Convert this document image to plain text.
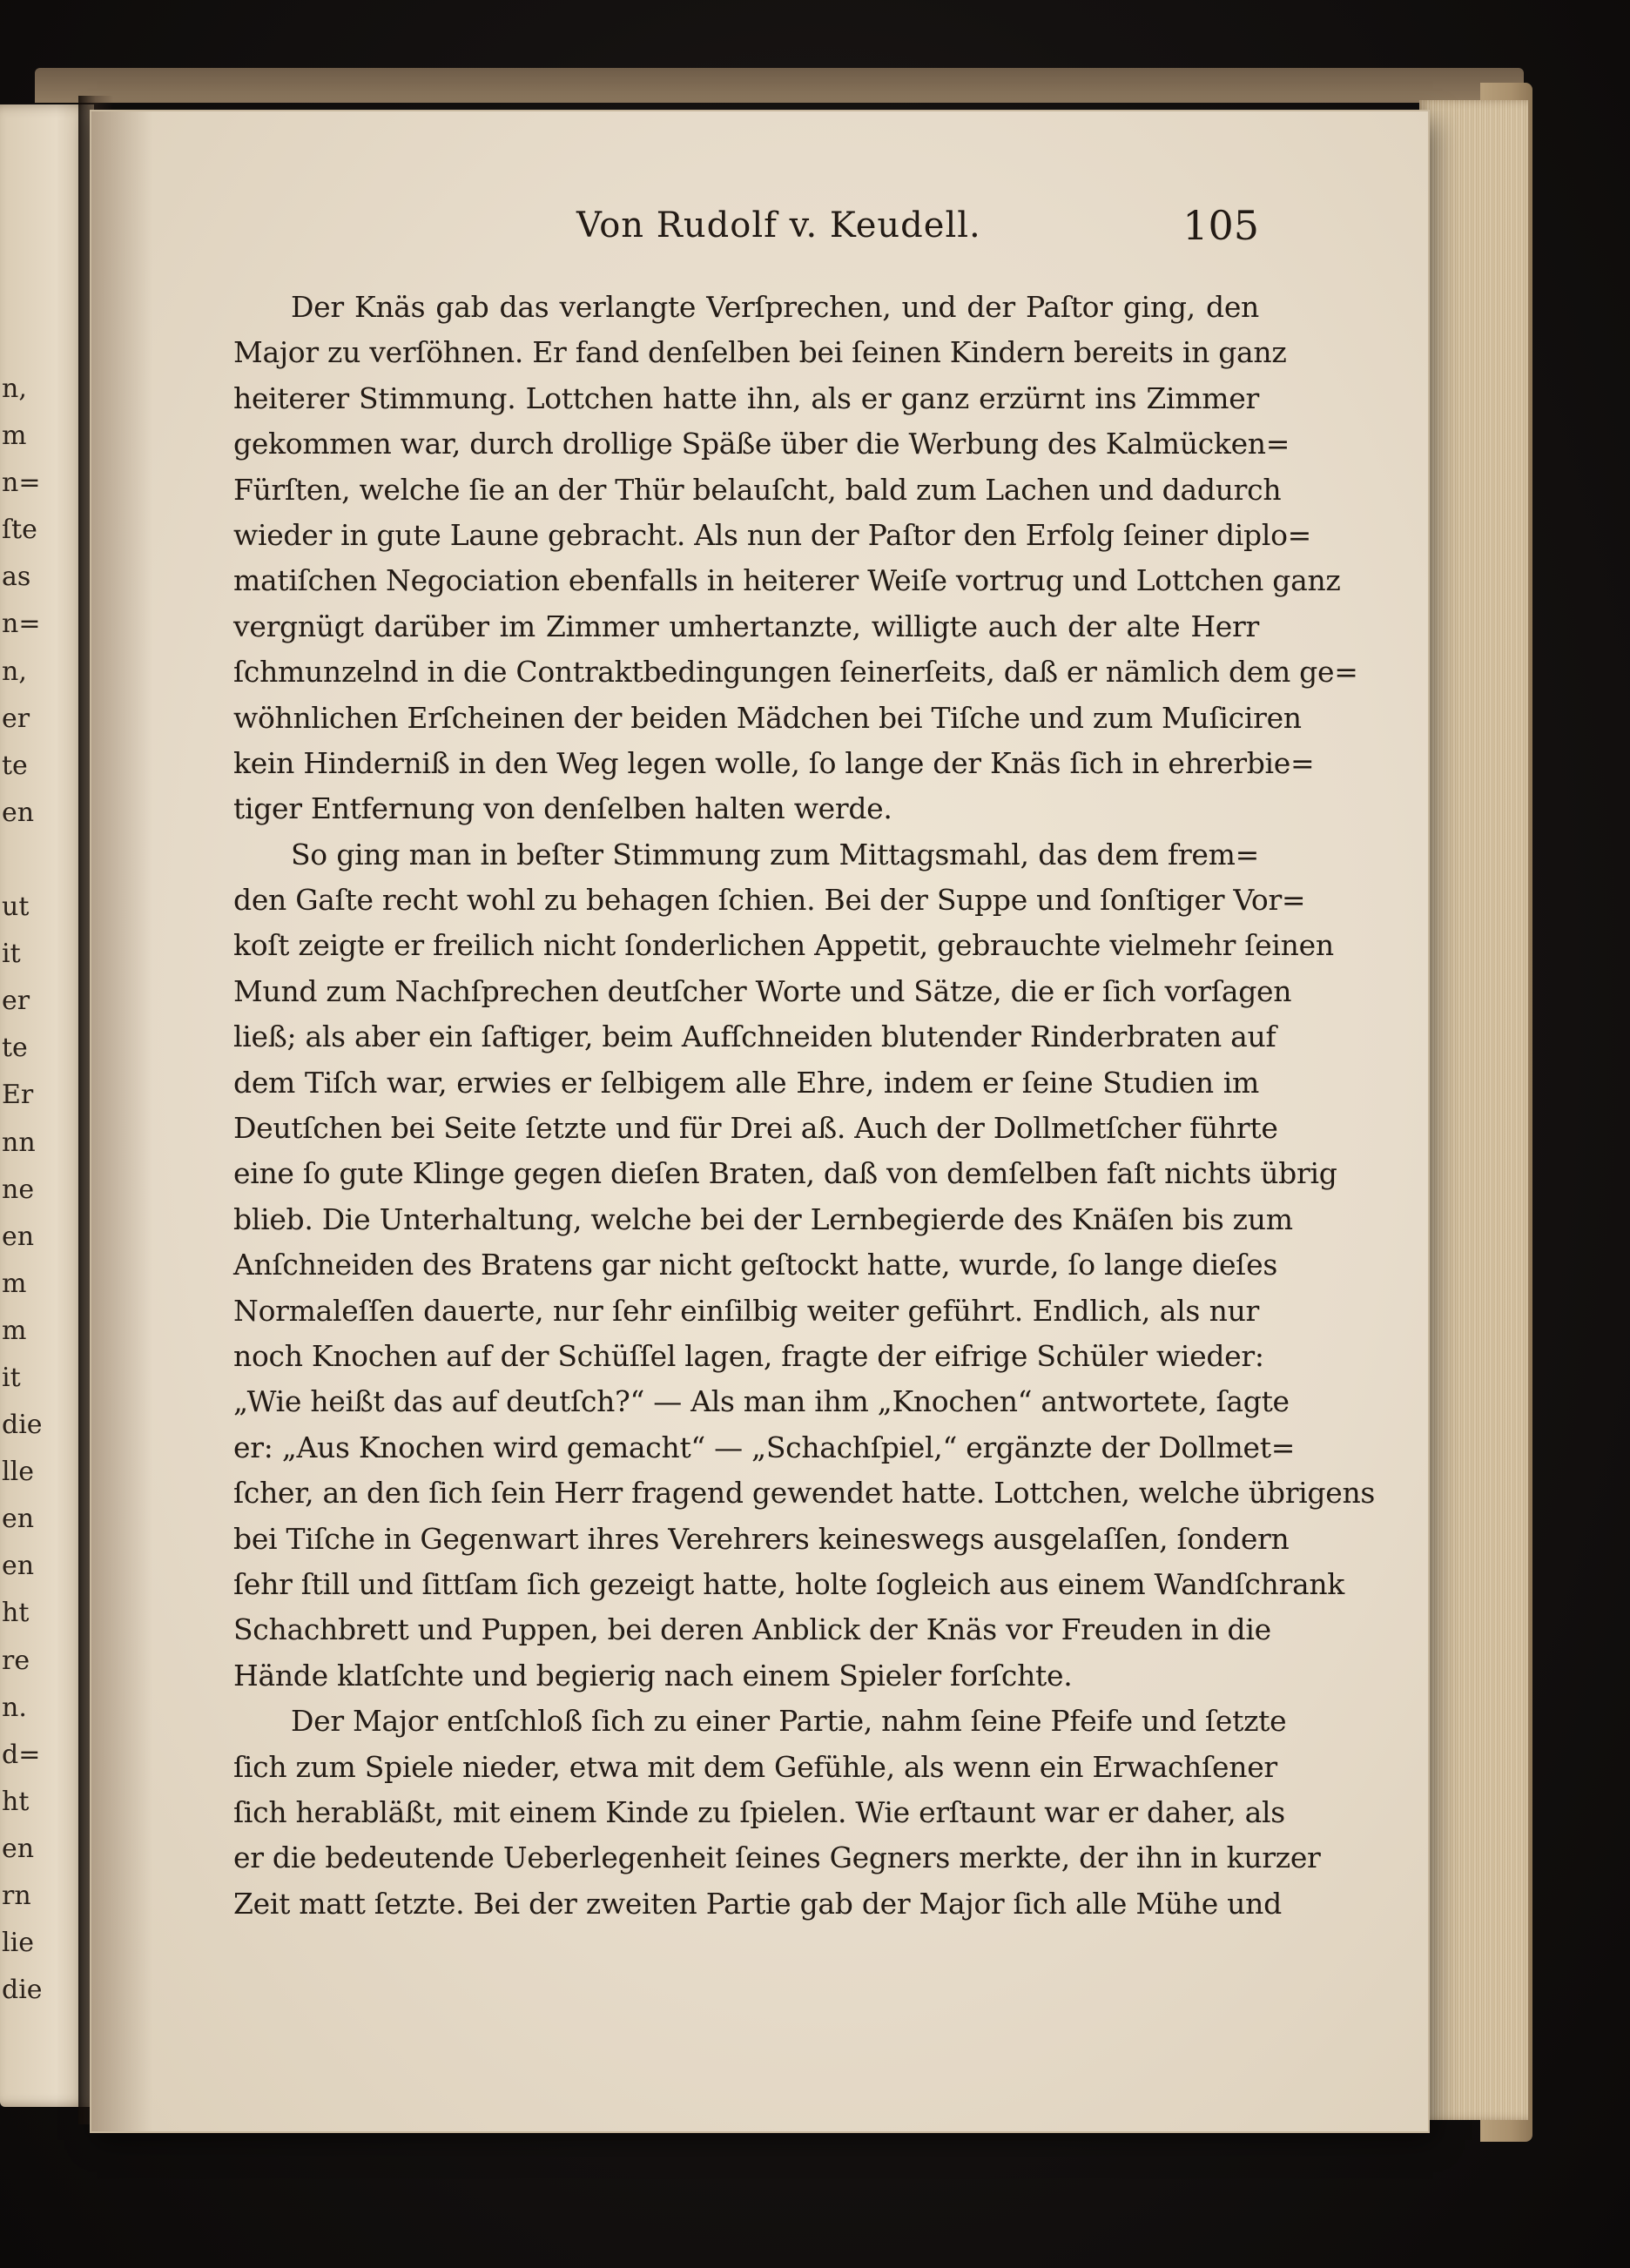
n,
m
n=
ſte
as
n=
n,
er
te
en
ut
it
er
te
Er
nn
ne
en
m
m
it
die
lle
en
en
ht
re
n.
d=
ht
en
rn
lie
die
Von Rudolf v. Keudell.	105
Der Knäs gab das verlangte Verſprechen, und der Paſtor ging, den
Major zu verſöhnen. Er fand denſelben bei ſeinen Kindern bereits in ganz
heiterer Stimmung. Lottchen hatte ihn, als er ganz erzürnt ins Zimmer
gekommen war, durch drollige Späße über die Werbung des Kalmücken=
Fürſten, welche ſie an der Thür belauſcht, bald zum Lachen und dadurch
wieder in gute Laune gebracht. Als nun der Paſtor den Erfolg ſeiner diplo=
matiſchen Negociation ebenfalls in heiterer Weiſe vortrug und Lottchen ganz
vergnügt darüber im Zimmer umhertanzte, willigte auch der alte Herr
ſchmunzelnd in die Contraktbedingungen ſeinerſeits, daß er nämlich dem ge=
wöhnlichen Erſcheinen der beiden Mädchen bei Tiſche und zum Muſiciren
kein Hinderniß in den Weg legen wolle, ſo lange der Knäs ſich in ehrerbie=
tiger Entfernung von denſelben halten werde.
So ging man in beſter Stimmung zum Mittagsmahl, das dem frem=
den Gaſte recht wohl zu behagen ſchien. Bei der Suppe und ſonſtiger Vor=
koſt zeigte er freilich nicht ſonderlichen Appetit, gebrauchte vielmehr ſeinen
Mund zum Nachſprechen deutſcher Worte und Sätze, die er ſich vorſagen
ließ; als aber ein ſaftiger, beim Aufſchneiden blutender Rinderbraten auf
dem Tiſch war, erwies er ſelbigem alle Ehre, indem er ſeine Studien im
Deutſchen bei Seite ſetzte und für Drei aß. Auch der Dollmetſcher führte
eine ſo gute Klinge gegen dieſen Braten, daß von demſelben faſt nichts übrig
blieb. Die Unterhaltung, welche bei der Lernbegierde des Knäſen bis zum
Anſchneiden des Bratens gar nicht geſtockt hatte, wurde, ſo lange dieſes
Normaleſſen dauerte, nur ſehr einſilbig weiter geführt. Endlich, als nur
noch Knochen auf der Schüſſel lagen, fragte der eifrige Schüler wieder:
„Wie heißt das auf deutſch?“ — Als man ihm „Knochen“ antwortete, ſagte
er: „Aus Knochen wird gemacht“ — „Schachſpiel,“ ergänzte der Dollmet=
ſcher, an den ſich ſein Herr fragend gewendet hatte. Lottchen, welche übrigens
bei Tiſche in Gegenwart ihres Verehrers keineswegs ausgelaſſen, ſondern
ſehr ſtill und ſittſam ſich gezeigt hatte, holte ſogleich aus einem Wandſchrank
Schachbrett und Puppen, bei deren Anblick der Knäs vor Freuden in die
Hände klatſchte und begierig nach einem Spieler forſchte.
Der Major entſchloß ſich zu einer Partie, nahm ſeine Pfeife und ſetzte
ſich zum Spiele nieder, etwa mit dem Gefühle, als wenn ein Erwachſener
ſich herabläßt, mit einem Kinde zu ſpielen. Wie erſtaunt war er daher, als
er die bedeutende Ueberlegenheit ſeines Gegners merkte, der ihn in kurzer
Zeit matt ſetzte. Bei der zweiten Partie gab der Major ſich alle Mühe und
